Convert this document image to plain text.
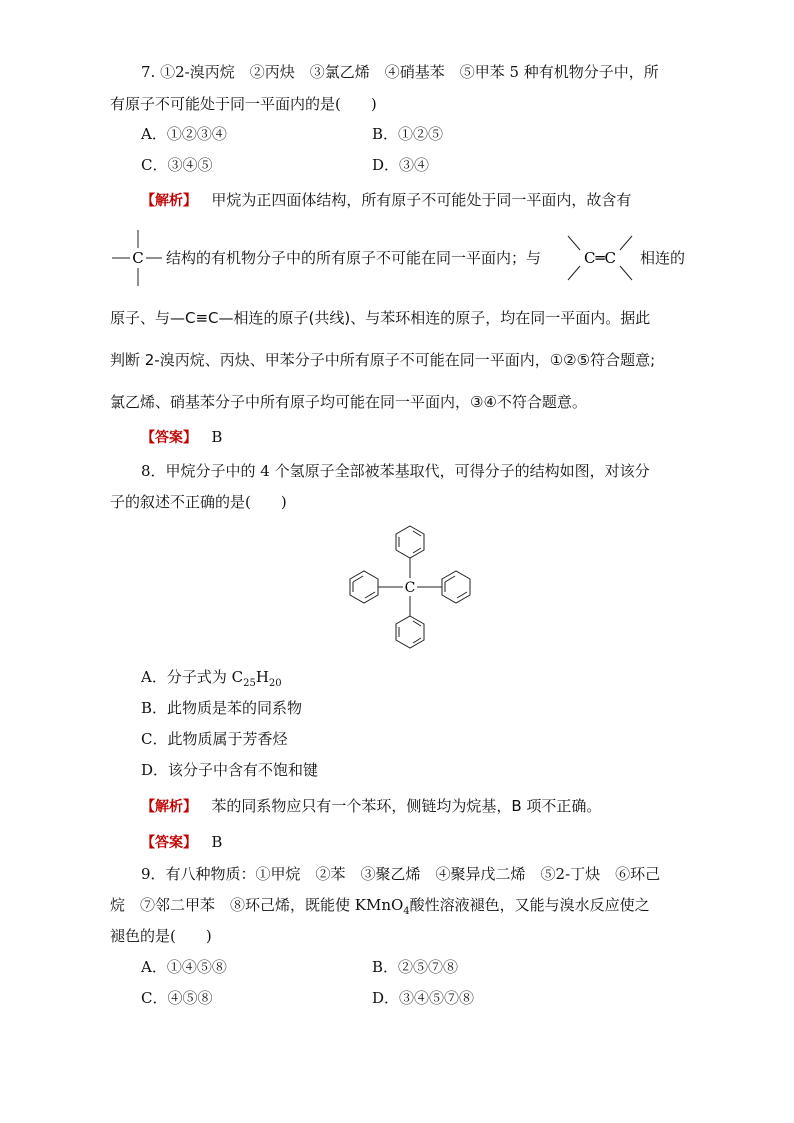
7. ①2-溴丙烷　②丙炔　③氯乙烯　④硝基苯　⑤甲苯 5 种有机物分子中，所
有原子不可能处于同一平面内的是(　　)
A．①②③④	B．①②⑤
C．③④⑤	D．③④
【解析】 甲烷为正四面体结构，所有原子不可能处于同一平面内，故含有
C 结构的有机物分子中的所有原子不可能在同一平面内；与	C═C 相连的
原子、与—C≡C—相连的原子(共线)、与苯环相连的原子，均在同一平面内。据此
判断 2-溴丙烷、丙炔、甲苯分子中所有原子不可能在同一平面内，①②⑤符合题意;
氯乙烯、硝基苯分子中所有原子均可能在同一平面内，③④不符合题意。
【答案】 B
8．甲烷分子中的 4 个氢原子全部被苯基取代，可得分子的结构如图，对该分
子的叙述不正确的是(　　)
C
A．分子式为 $C_{25}H_{20}$
B．此物质是苯的同系物
C．此物质属于芳香烃
D．该分子中含有不饱和键
【解析】 苯的同系物应只有一个苯环，侧链均为烷基，B 项不正确。
【答案】 B
9．有八种物质：①甲烷　②苯　③聚乙烯　④聚异戊二烯　⑤2-丁炔　⑥环己
烷　⑦邻二甲苯　⑧环己烯，既能使 KMnO$_4$酸性溶液褪色，又能与溴水反应使之
褪色的是(　　)
A．①④⑤⑧	B．②⑤⑦⑧
C．④⑤⑧	D．③④⑤⑦⑧
